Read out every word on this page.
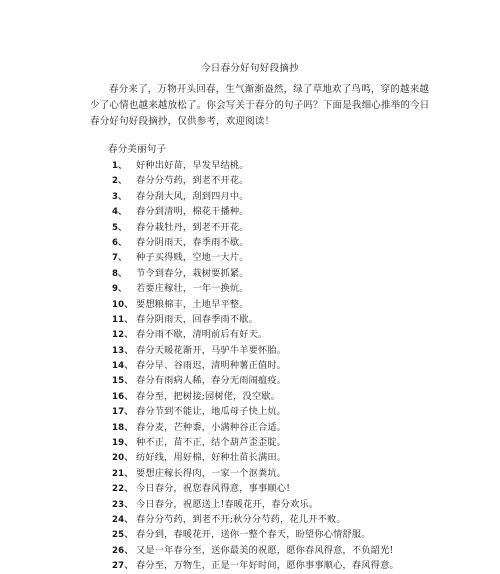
今日春分好句好段摘抄
春分来了，万物开头回春，生气渐渐盎然，绿了草地欢了鸟鸣，穿的越来越少了心情也越来越放松了。你会写关于春分的句子吗？下面是我细心推举的今日春分好句好段摘抄，仅供参考，欢迎阅读！
春分美丽句子
1、 好种出好苗，早发早结桃。
2、 春分分芍药，到老不开花。
3、 春分刮大风，刮到四月中。
4、 春分到清明，棉花干播种。
5、 春分栽牡丹，到老不开花。
6、 春分阴雨天，春季雨不歇。
7、 种子买得贱，空地一大片。
8、 节令到春分，栽树要抓紧。
9、 若要庄稼壮，一年一换炕。
10、 要想粮棉丰，土地早平整。
11、 春分阴雨天，回春季雨不歇。
12、 春分雨不歇，清明前后有好天。
13、 春分天暖花渐开，马驴牛羊要怀胎。
14、 春分早、谷雨迟，清明种薯正值时。
15、 春分有雨病人稀，春分无雨闹瘟疫。
16、 春分至，把树接;园树佬，没空歇。
17、 春分节到不能让，地瓜母子快上炕。
18、 春分麦，芒种黍，小满种谷正合适。
19、 种不正，苗不正，结个葫芦歪歪腚。
20、 纺好线，用好棉，好种壮苗长满田。
21、 要想庄稼长得肉，一家一个沤粪坑。
22、 今日春分，祝您春风得意，事事顺心!
23、 今日春分，祝愿送上!春暖花开，春分欢乐。
24、 春分分芍药，到老不开;秋分分芍药，花儿开不败。
25、 春分到，春暖花开，送你一整个春天，盼望你心情舒服。
26、 又是一年春分至，送你最美的祝愿，愿你春风得意，不负韶光!
27、 春分至，万物生，正是一年好时间，愿你事事顺心，春风得意。
